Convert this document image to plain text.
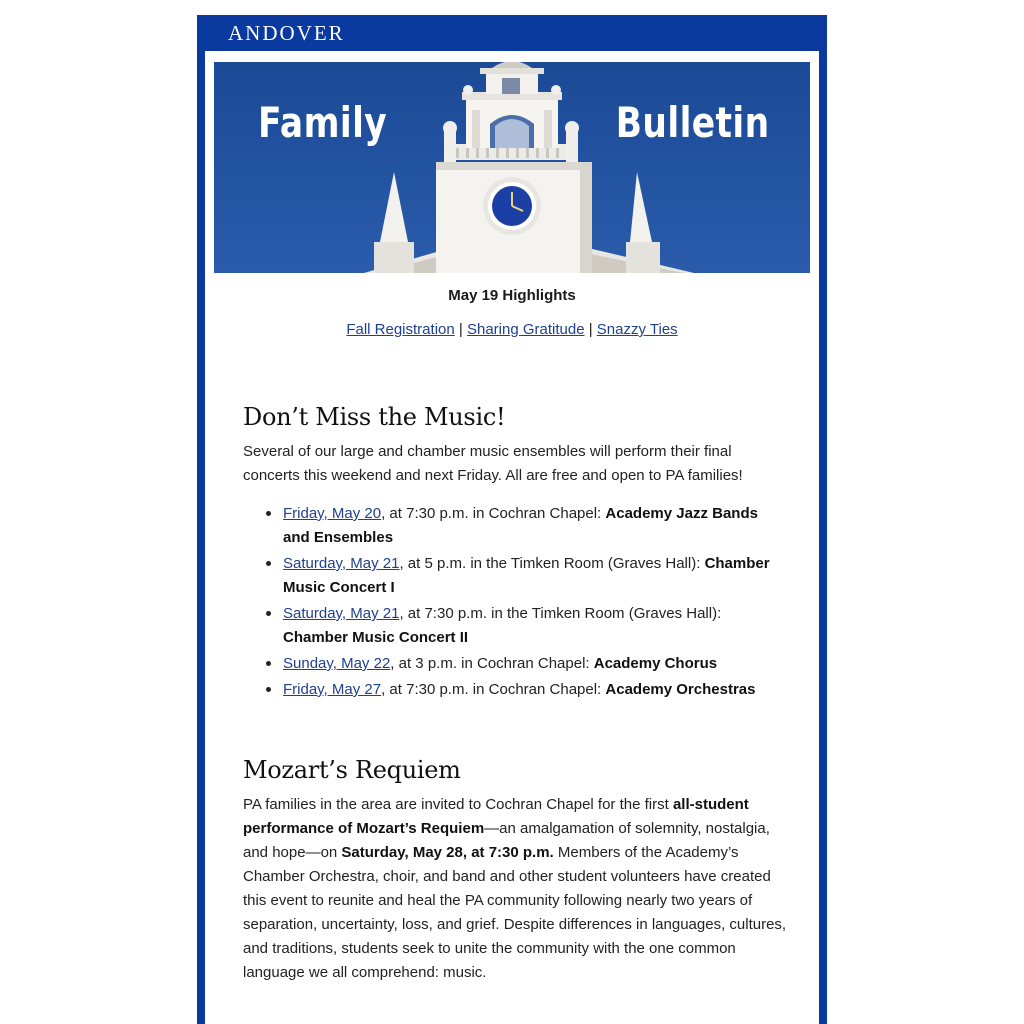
ANDOVER
Family	Bulletin
May 19 Highlights
Fall Registration | Sharing Gratitude | Snazzy Ties
Don’t Miss the Music!

Several of our large and chamber music ensembles will perform their final concerts this weekend and next Friday. All are free and open to PA families!

• Friday, May 20, at 7:30 p.m. in Cochran Chapel: Academy Jazz Bands and Ensembles
• Saturday, May 21, at 5 p.m. in the Timken Room (Graves Hall): Chamber Music Concert I
• Saturday, May 21, at 7:30 p.m. in the Timken Room (Graves Hall): Chamber Music Concert II
• Sunday, May 22, at 3 p.m. in Cochran Chapel: Academy Chorus
• Friday, May 27, at 7:30 p.m. in Cochran Chapel: Academy Orchestras
Mozart’s Requiem

PA families in the area are invited to Cochran Chapel for the first all-student performance of Mozart’s Requiem—an amalgamation of solemnity, nostalgia, and hope—on Saturday, May 28, at 7:30 p.m. Members of the Academy’s Chamber Orchestra, choir, and band and other student volunteers have created this event to reunite and heal the PA community following nearly two years of separation, uncertainty, loss, and grief. Despite differences in languages, cultures, and traditions, students seek to unite the community with the one common language we all comprehend: music.
